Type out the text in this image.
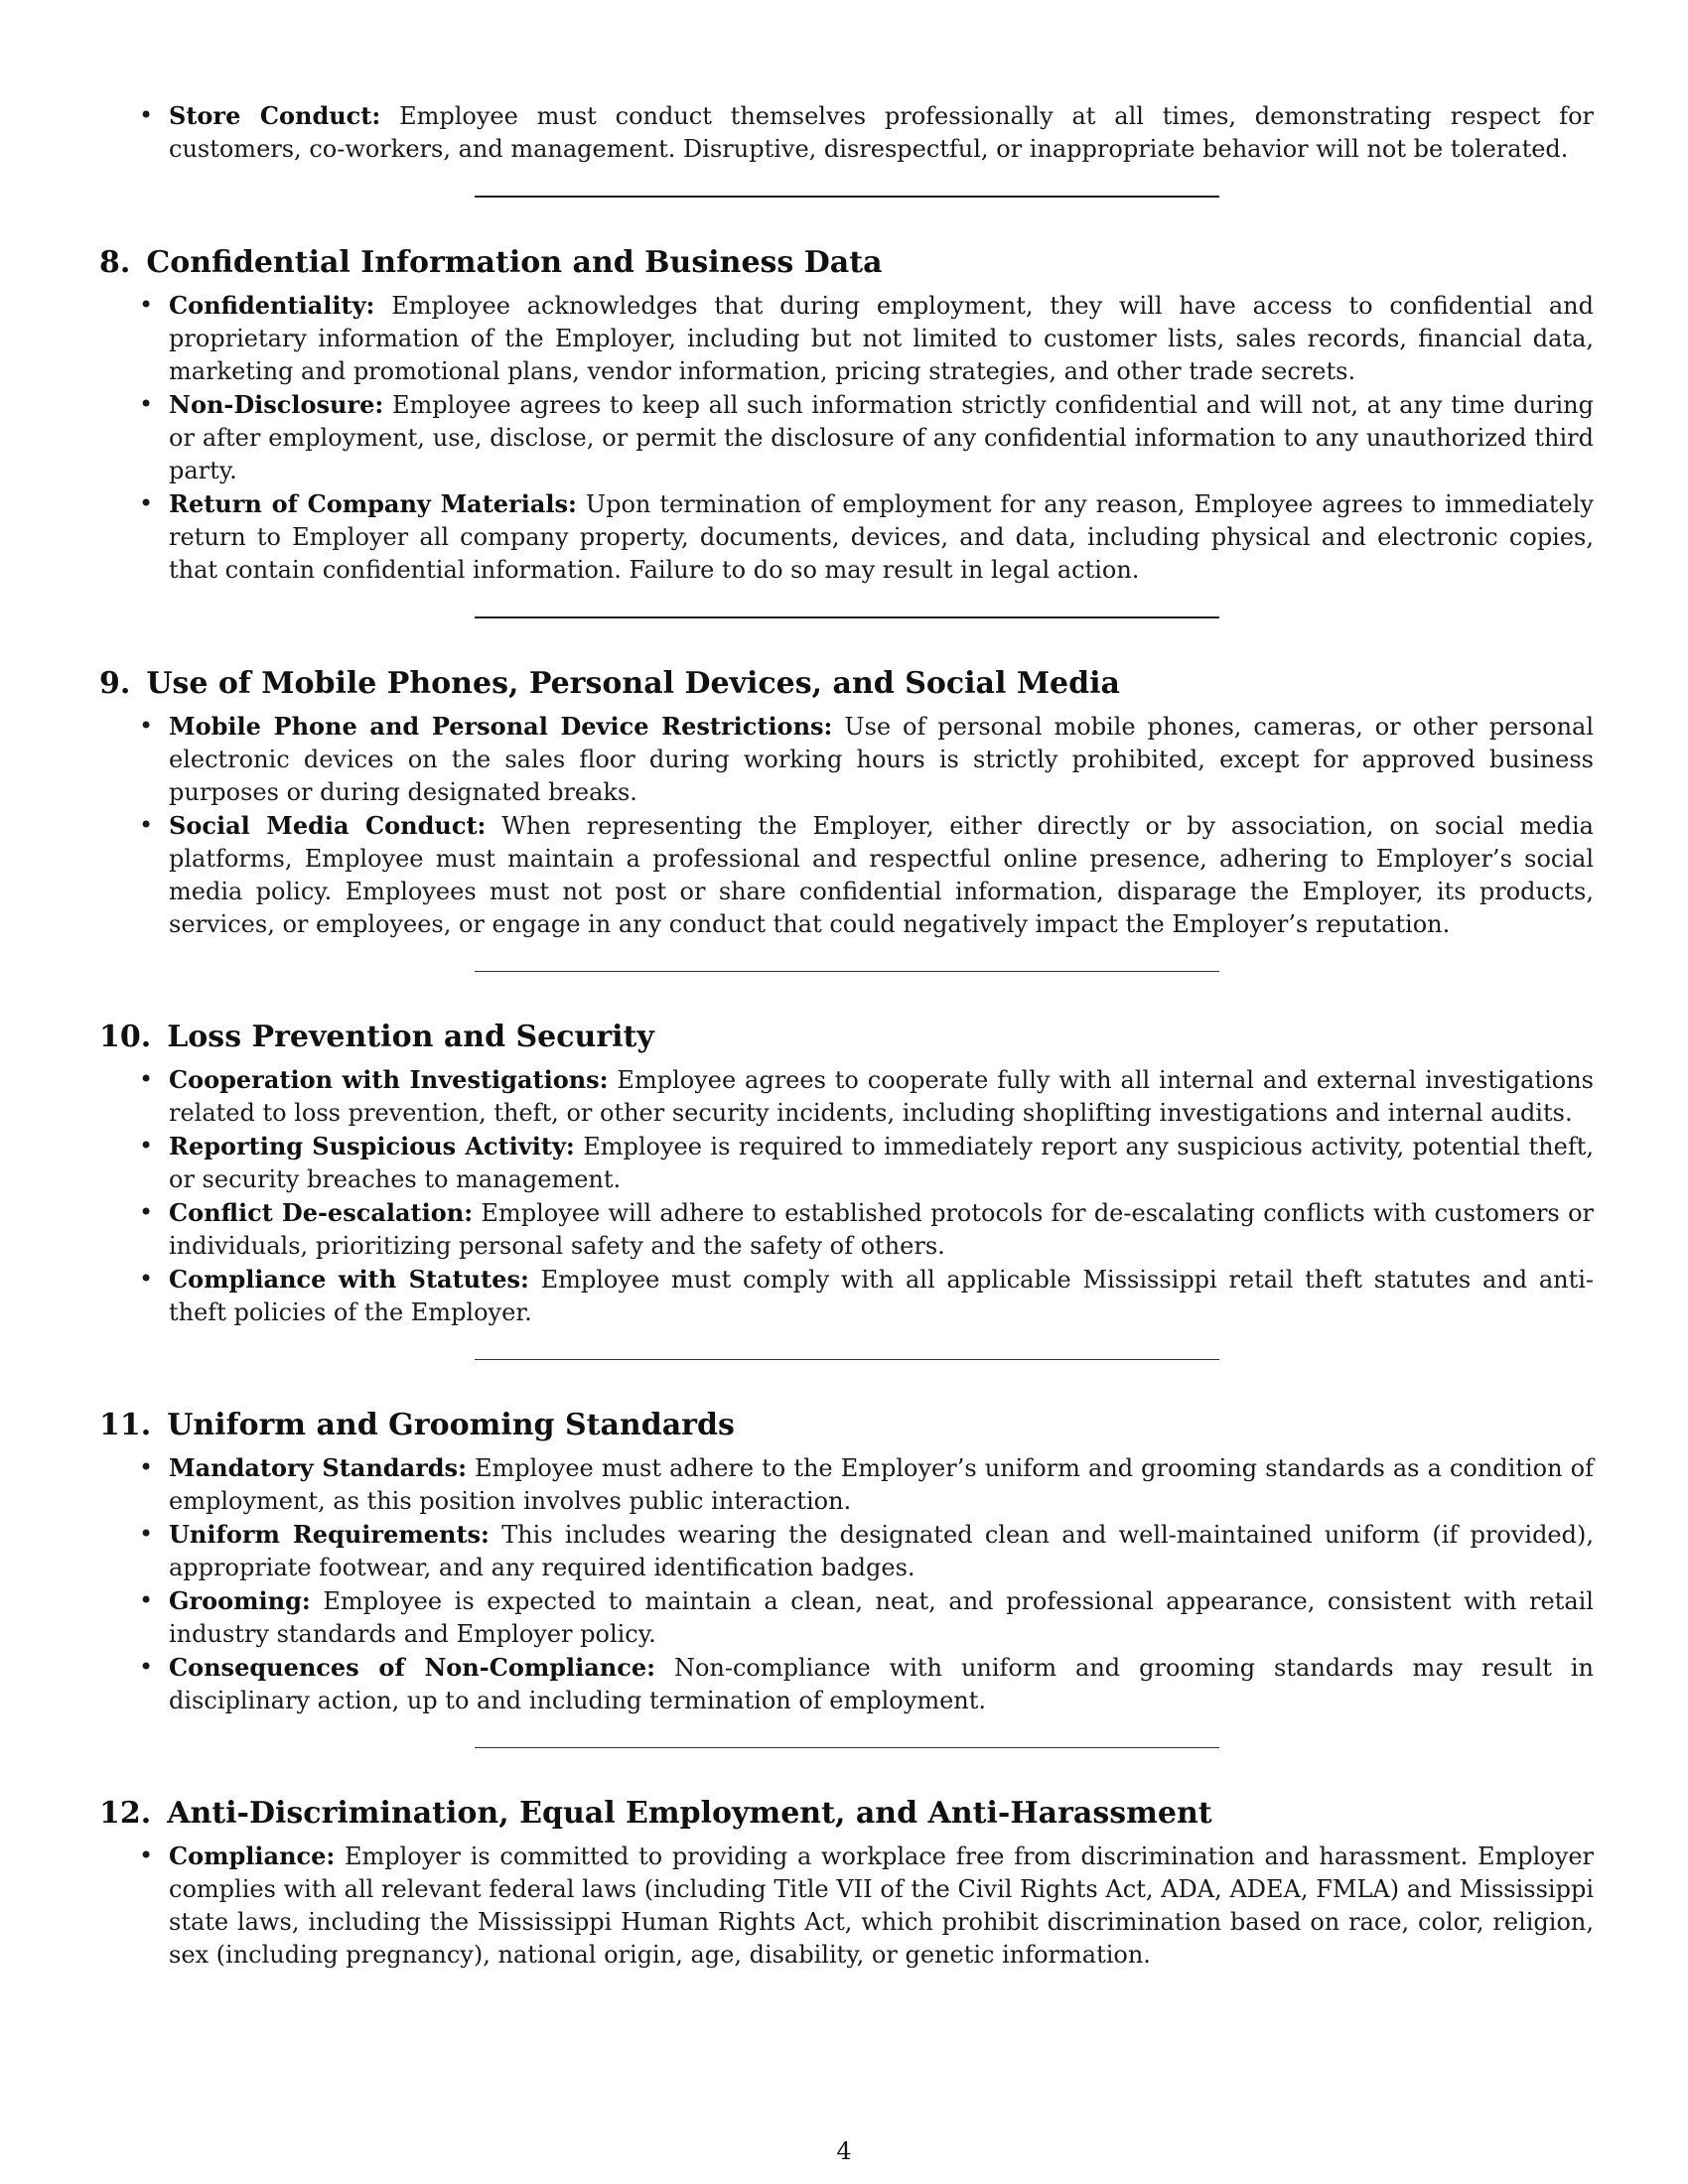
• Store Conduct: Employee must conduct themselves professionally at all times, demonstrating respect for customers, co-workers, and management. Disruptive, disrespectful, or inappropriate behavior will not be tolerated.
8. Confidential Information and Business Data
• Confidentiality: Employee acknowledges that during employment, they will have access to confidential and proprietary information of the Employer, including but not limited to customer lists, sales records, financial data, marketing and promotional plans, vendor information, pricing strategies, and other trade secrets.
• Non-Disclosure: Employee agrees to keep all such information strictly confidential and will not, at any time during or after employment, use, disclose, or permit the disclosure of any confidential information to any unauthorized third party.
• Return of Company Materials: Upon termination of employment for any reason, Employee agrees to immediately return to Employer all company property, documents, devices, and data, including physical and electronic copies, that contain confidential information. Failure to do so may result in legal action.
9. Use of Mobile Phones, Personal Devices, and Social Media
• Mobile Phone and Personal Device Restrictions: Use of personal mobile phones, cameras, or other personal electronic devices on the sales floor during working hours is strictly prohibited, except for approved business purposes or during designated breaks.
• Social Media Conduct: When representing the Employer, either directly or by association, on social media platforms, Employee must maintain a professional and respectful online presence, adhering to Employer’s social media policy. Employees must not post or share confidential information, disparage the Employer, its products, services, or employees, or engage in any conduct that could negatively impact the Employer’s reputation.
10. Loss Prevention and Security
• Cooperation with Investigations: Employee agrees to cooperate fully with all internal and external investigations related to loss prevention, theft, or other security incidents, including shoplifting investigations and internal audits.
• Reporting Suspicious Activity: Employee is required to immediately report any suspicious activity, potential theft, or security breaches to management.
• Conflict De-escalation: Employee will adhere to established protocols for de-escalating conflicts with customers or individuals, prioritizing personal safety and the safety of others.
• Compliance with Statutes: Employee must comply with all applicable Mississippi retail theft statutes and anti-theft policies of the Employer.
11. Uniform and Grooming Standards
• Mandatory Standards: Employee must adhere to the Employer’s uniform and grooming standards as a condition of employment, as this position involves public interaction.
• Uniform Requirements: This includes wearing the designated clean and well-maintained uniform (if provided), appropriate footwear, and any required identification badges.
• Grooming: Employee is expected to maintain a clean, neat, and professional appearance, consistent with retail industry standards and Employer policy.
• Consequences of Non-Compliance: Non-compliance with uniform and grooming standards may result in disciplinary action, up to and including termination of employment.
12. Anti-Discrimination, Equal Employment, and Anti-Harassment
• Compliance: Employer is committed to providing a workplace free from discrimination and harassment. Employer complies with all relevant federal laws (including Title VII of the Civil Rights Act, ADA, ADEA, FMLA) and Mississippi state laws, including the Mississippi Human Rights Act, which prohibit discrimination based on race, color, religion, sex (including pregnancy), national origin, age, disability, or genetic information.
4
